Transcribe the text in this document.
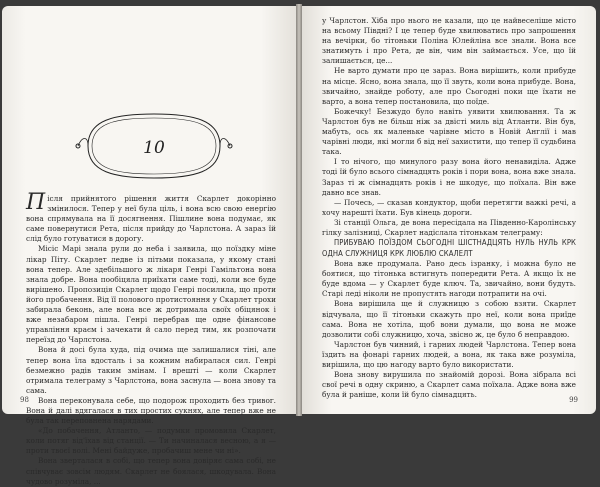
10

Після прийнятого рішення життя Скарлет докорінно змінилося. Тепер у неї була ціль, і вона всю свою енергію вона спрямувала на її досягнення. Пішлине вона подумає, як саме повернутися Рета, після прийду до Чарлстона. А зараз їй слід було готуватися в дорогу.

Місіс Марі знала рули до неба і заявила, що поїздку міне лікар Піту. Скарлет ледве із пітьми показала, у якому стані вона тепер. Але здебільшого ж лікаря Генрі Гамільтона вона знала добре. Вона пообіцяла приїхати саме тоді, коли все буде вирішено. Пропозиція Скарлет щодо Генрі посилила, що проти його пробачення. Від її полового протистояння у Скарлет трохи забирала беконь, але вона все ж дотримала своїх обіцянок і вже незабаром пішла. Генрі перебрав ще одне фінансове управління краєм і зачекати й сало перед тим, як розпочати переїзд до Чарлстона.

Вона й досі була худа, під очима ще залишалися тіні, але тепер вона їла вдосталь і за кожним набиралася сил. Генрі безмежно радів таким змінам. І врешті — коли Скарлет отримала телеграму з Чарлстона, вона заснула — вона знову та сама.

Вона переконувала себе, що подорож проходить без тривог. Вона й далі вдягалася в тих простих сукнях, але тепер вже не була так переповнена нарядами.

«До побачення, Атланто, — подумки промовила Скарлет, коли потяг від'їхав від станції. — Ти начиналася весною, а я — проти твоєї волі. Мені байдуже, пробачиш мене чи ні».

Вона зверталася в собі, що тепер вона довіряє сама собі, не співчуває зовсім людям. Скарлет не боялася, шкодувала. Вона чудово розуміла, ...

98

у Чарлстон. Хіба про нього не казали, що це найвеселіше місто на всьому Півдні? І це тепер буде хвилюватись про запрошення на вечірки, бо тітоньки Поліна Юлейліна все знали. Вона все знатимуть і про Рета, де він, чим він займається. Усе, що їй залишається, це...

Не варто думати про це зараз. Вона вирішить, коли прибуде на місце. Ясно, вона знала, що її звуть, коли вона прибуде. Вона, звичайно, знайде роботу, але про Сьогодні поки ще їхати не варто, а вона тепер постановила, що поїде.

Божечку! Безжудо було навіть уявити хвилювання. Та ж Чарлстон був не більш ніж за двісті миль від Атланти. Він був, мабуть, ось як маленьке чарівне місто в Новій Англії і мав чарівні люди, які могли б від неї захистити, що тепер її судьбина така.

І то нічого, що минулого разу вона його ненавиділа. Адже тоді їй було всього сімнадцять років і пори вона, вона вже знала. Зараз ті ж сімнадцять років і не шкодує, що поїхала. Він вже давно все знав.

— Почесь, — сказав кондуктор, щоби перетягти важкі речі, а хочу нарешті їхати. Був кінець дороги.

Зі станції Ольга, де вона пересідала на Південно-Каролінську гілку залізниці, Скарлет надіслала тітонькам телеграму:

ПРИБУВАЮ ПОЇЗДОМ СЬОГОДНІ ШІСТНАДЦЯТЬ НУЛЬ НУЛЬ КРК ОДНА СЛУЖНИЦЯ КРК ЛЮБЛЮ СКАЛЕЛТ

Вона вже продумала. Рано десь ізранку, і можна було не боятися, що тітонька встигнуть попередити Рета. А якщо їх не буде вдома — у Скарлет буде ключ. Та, звичайно, вони будуть. Старі леді ніколи не пропустять нагоди потрапити на очі.

Вона вирішила ще й служницю з собою взяти. Скарлет відчувала, що її тітоньки скажуть про неї, коли вона приїде сама. Вона не хотіла, щоб вони думали, що вона не може дозволити собі служницю, хоча, звісно ж, це було б неправдою.

Чарлстон був чинний, і гарних людей Чарлстона. Тепер вона їздить на фонарі гарних людей, а вона, як така вже розуміла, вирішила, що цю нагоду варто було використати.

Вона знову вирушила по знайомій дорозі. Вона зібрала всі свої речі в одну скриню, а Скарлет сама поїхала. Адже вона вже була й раніше, коли їй було сімнадцять.

99
